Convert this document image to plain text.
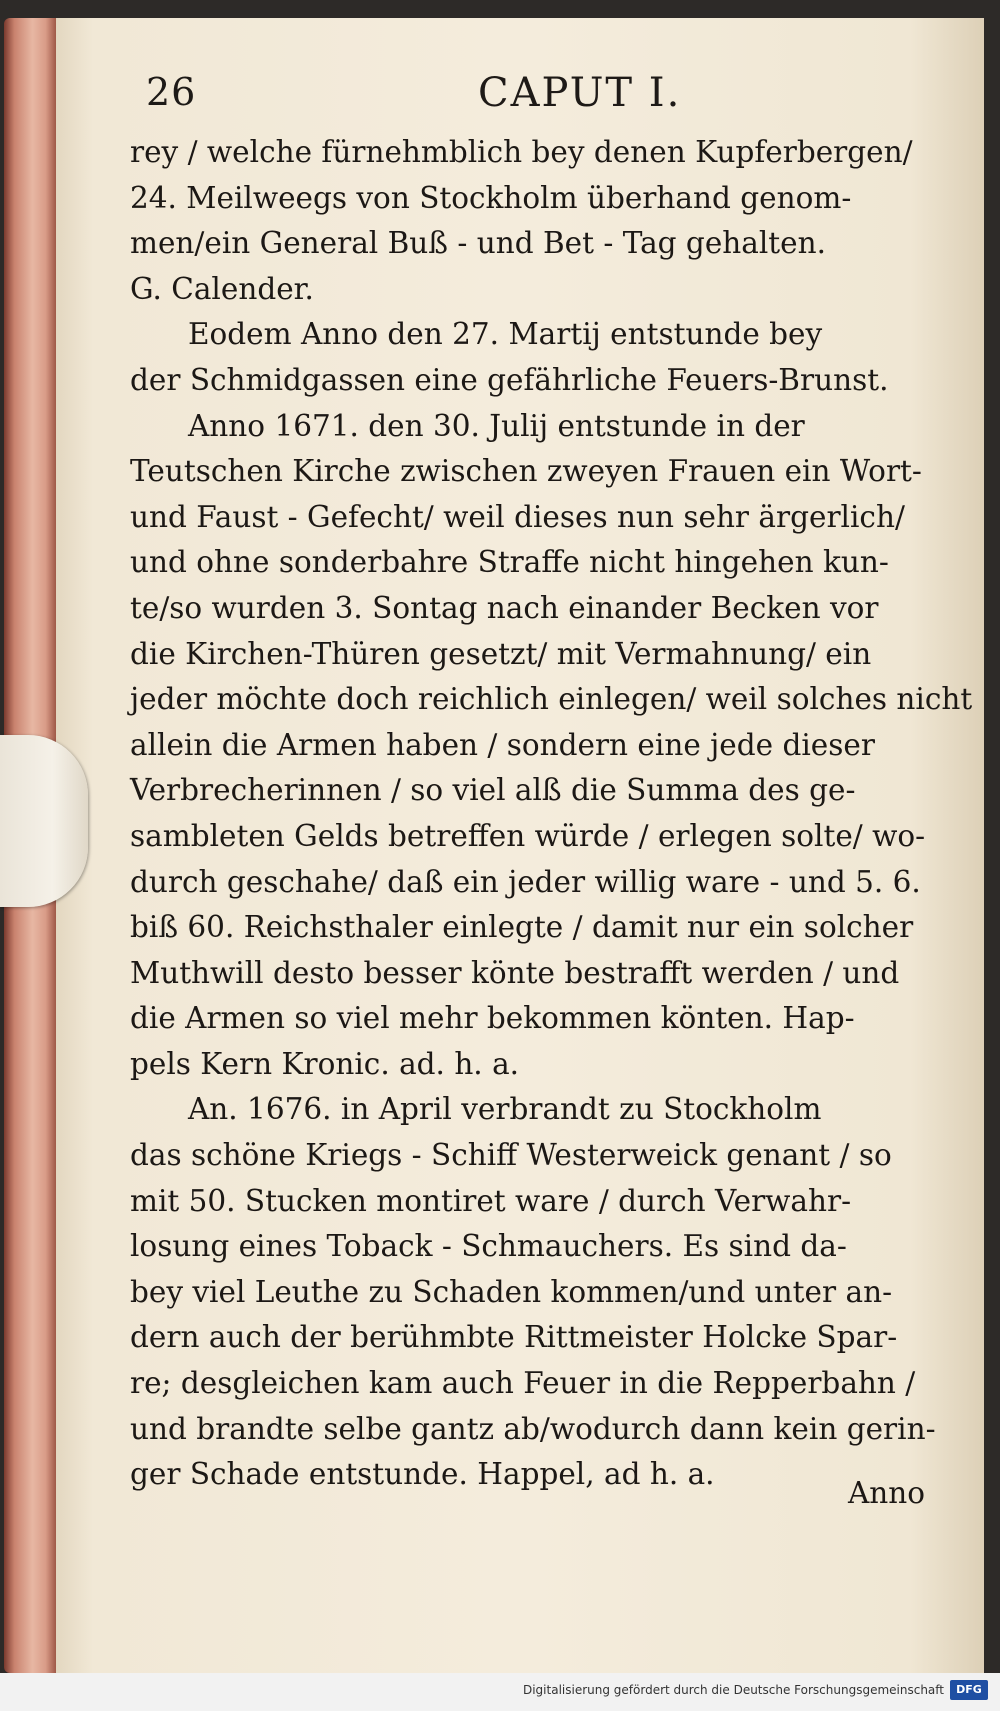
26	CAPUT I.
rey / welche fürnehmblich bey denen Kupferbergen/
24. Meilweegs von Stockholm überhand genom-
men/ein General Buß - und Bet - Tag gehalten.
G. Calender.
Eodem Anno den 27. Martij entstunde bey
der Schmidgassen eine gefährliche Feuers-Brunst.
Anno 1671. den 30. Julij entstunde in der
Teutschen Kirche zwischen zweyen Frauen ein Wort-
und Faust - Gefecht/ weil dieses nun sehr ärgerlich/
und ohne sonderbahre Straffe nicht hingehen kun-
te/so wurden 3. Sontag nach einander Becken vor
die Kirchen-Thüren gesetzt/ mit Vermahnung/ ein
jeder möchte doch reichlich einlegen/ weil solches nicht
allein die Armen haben / sondern eine jede dieser
Verbrecherinnen / so viel alß die Summa des ge-
sambleten Gelds betreffen würde / erlegen solte/ wo-
durch geschahe/ daß ein jeder willig ware - und 5. 6.
biß 60. Reichsthaler einlegte / damit nur ein solcher
Muthwill desto besser könte bestrafft werden / und
die Armen so viel mehr bekommen könten. Hap-
pels Kern Kronic. ad. h. a.
An. 1676. in April verbrandt zu Stockholm
das schöne Kriegs - Schiff Westerweick genant / so
mit 50. Stucken montiret ware / durch Verwahr-
losung eines Toback - Schmauchers. Es sind da-
bey viel Leuthe zu Schaden kommen/und unter an-
dern auch der berühmbte Rittmeister Holcke Spar-
re; desgleichen kam auch Feuer in die Repperbahn /
und brandte selbe gantz ab/wodurch dann kein gerin-
ger Schade entstunde. Happel, ad h. a.
Anno
Digitalisierung gefördert durch die Deutsche Forschungsgemeinschaft	DFG
